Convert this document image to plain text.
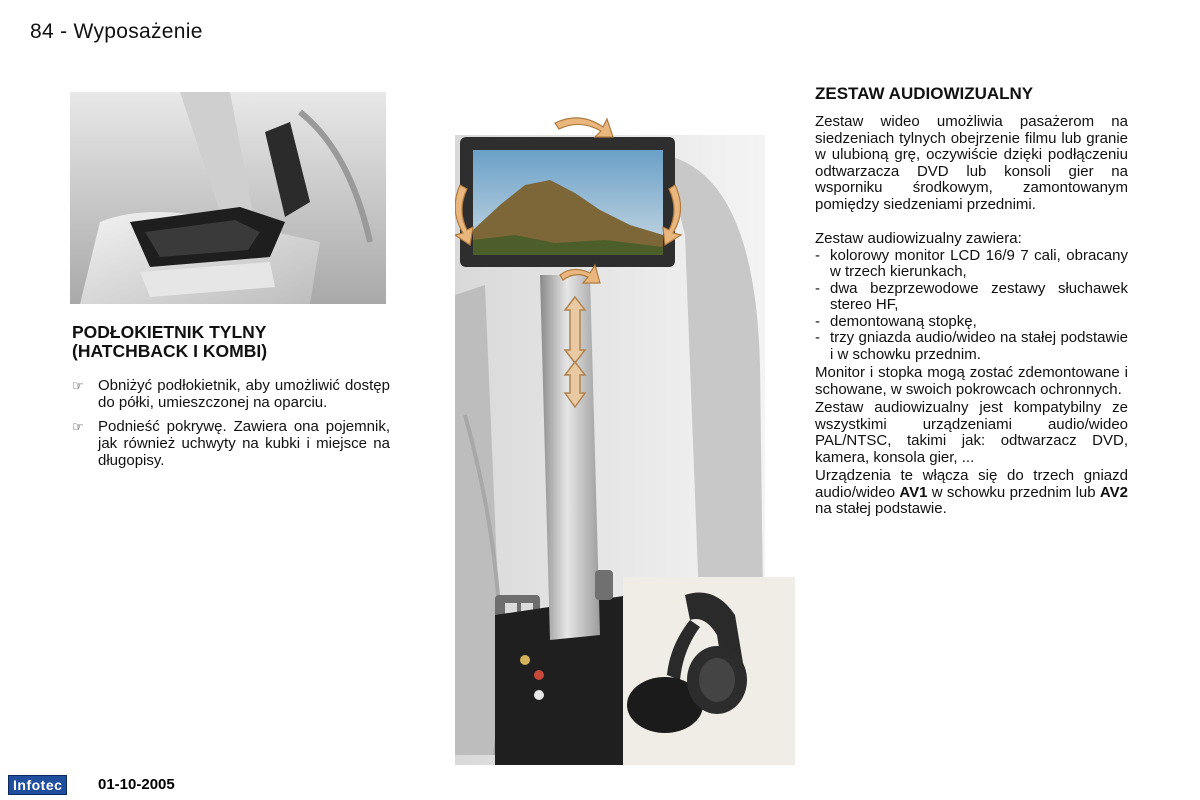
84 - Wyposażenie
PODŁOKIETNIK TYLNY
(HATCHBACK I KOMBI)
☞ Obniżyć podłokietnik, aby umożliwić dostęp do półki, umieszczonej na oparciu.
☞ Podnieść pokrywę. Zawiera ona pojemnik, jak również uchwyty na kubki i miejsce na długopisy.
ZESTAW AUDIOWIZUALNY

Zestaw wideo umożliwia pasażerom na siedzeniach tylnych obejrzenie filmu lub granie w ulubioną grę, oczywiście dzięki podłączeniu odtwarzacza DVD lub konsoli gier na wsporniku środkowym, zamontowanym pomiędzy siedzeniami przednimi.

Zestaw audiowizualny zawiera:

- kolorowy monitor LCD 16/9 7 cali, obracany w trzech kierunkach,
- dwa bezprzewodowe zestawy słuchawek stereo HF,
- demontowaną stopkę,
- trzy gniazda audio/wideo na stałej podstawie i w schowku przednim.

Monitor i stopka mogą zostać zdemontowane i schowane, w swoich pokrowcach ochronnych.

Zestaw audiowizualny jest kompatybilny ze wszystkimi urządzeniami audio/wideo PAL/NTSC, takimi jak: odtwarzacz DVD, kamera, konsola gier, ...

Urządzenia te włącza się do trzech gniazd audio/wideo AV1 w schowku przednim lub AV2 na stałej podstawie.

Infotec	01-10-2005
